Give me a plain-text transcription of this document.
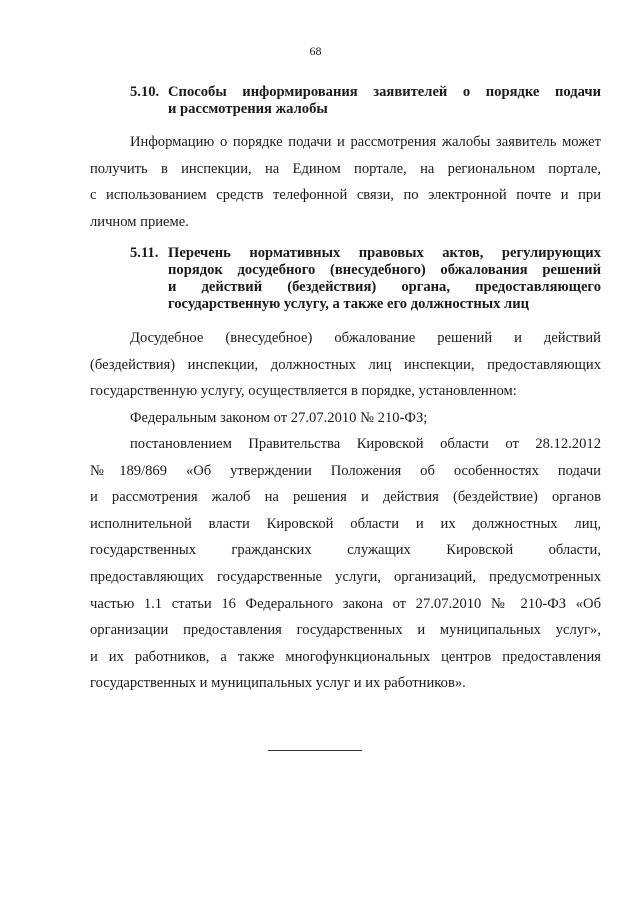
68
5.10. Способы информирования заявителей о порядке подачи
и рассмотрения жалобы
Информацию о порядке подачи и рассмотрения жалобы заявитель может
получить в инспекции, на Едином портале, на региональном портале,
с использованием средств телефонной связи, по электронной почте и при
личном приеме.
5.11. Перечень нормативных правовых актов, регулирующих
порядок досудебного (внесудебного) обжалования решений
и действий (бездействия) органа, предоставляющего
государственную услугу, а также его должностных лиц
Досудебное (внесудебное) обжалование решений и действий
(бездействия) инспекции, должностных лиц инспекции, предоставляющих
государственную услугу, осуществляется в порядке, установленном:
Федеральным законом от 27.07.2010 № 210-ФЗ;
постановлением Правительства Кировской области от 28.12.2012
№189/869 «Об утверждении Положения об особенностях подачи
и рассмотрения жалоб на решения и действия (бездействие) органов
исполнительной власти Кировской области и их должностных лиц,
государственных гражданских служащих Кировской области,
предоставляющих государственные услуги, организаций, предусмотренных
частью 1.1 статьи 16 Федерального закона от 27.07.2010 № 210-ФЗ «Об
организации предоставления государственных и муниципальных услуг»,
и их работников, а также многофункциональных центров предоставления
государственных и муниципальных услуг и их работников».
